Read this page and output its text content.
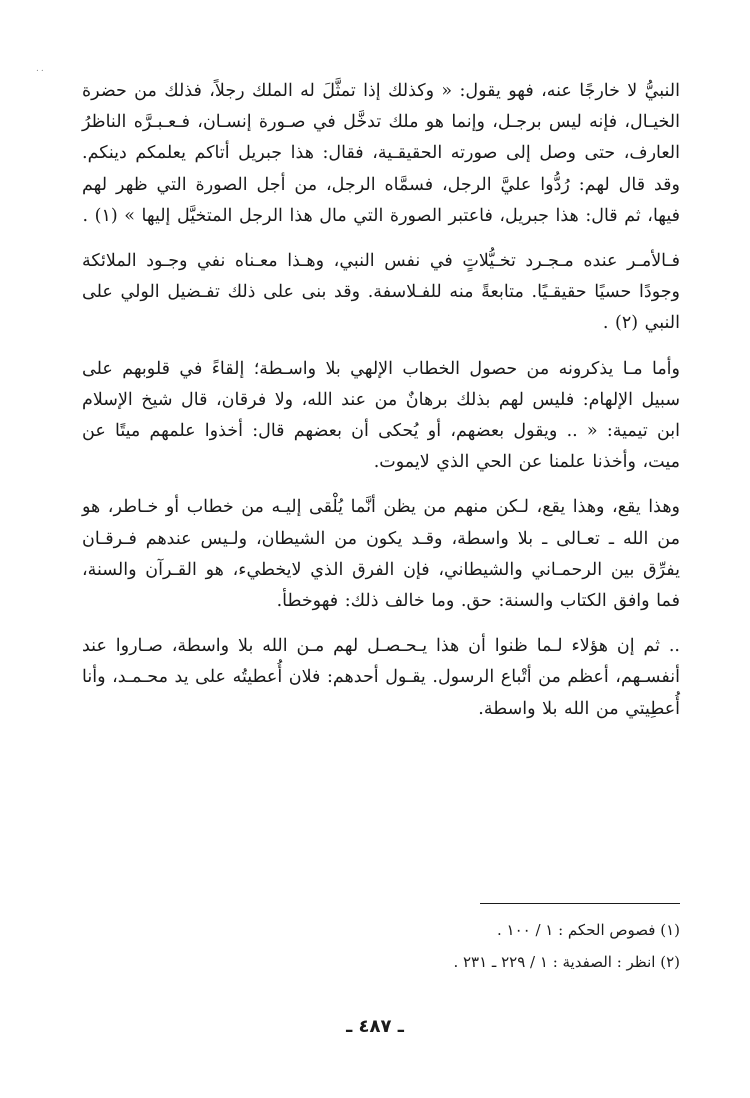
..

النبيُّ لا خارجًا عنه، فهو يقول: « وكذلك إذا تمثَّلَ له الملك رجلاً، فذلك من حضرة الخيـال، فإنه ليس برجـل، وإنما هو ملك تدخَّل في صـورة إنسـان، فـعـبـرَّه الناظرُ العارف، حتى وصل إلى صورته الحقيقـية، فقال: هذا جبريل أتاكم يعلمكم دينكم. وقد قال لهم: رُدُّوا عليَّ الرجل، فسمَّاه الرجل، من أجل الصورة التي ظهر لهم فيها، ثم قال: هذا جبريل، فاعتبر الصورة التي مال هذا الرجل المتخيَّل إليها » (١) .

فـالأمـر عنده مـجـرد تخـيُّلاتٍ في نفس النبي، وهـذا معـناه نفي وجـود الملائكة وجودًا حسيًا حقيقـيًا. متابعةً منه للفـلاسفة. وقد بنى على ذلك تفـضيل الولي على النبي (٢) .

وأما مـا يذكرونه من حصول الخطاب الإلهي بلا واسـطة؛ إلقاءً في قلوبهم على سبيل الإلهام: فليس لهم بذلك برهانٌ من عند الله، ولا فرقان، قال شيخ الإسلام ابن تيمية: « .. ويقول بعضهم، أو يُحكى أن بعضهم قال: أخذوا علمهم ميتًا عن ميت، وأخذنا علمنا عن الحي الذي لايموت.

وهذا يقع، وهذا يقع، لـكن منهم من يظن أنَّما يُلْقى إليـه من خطاب أو خـاطر، هو من الله ـ تعـالى ـ بلا واسطة، وقـد يكون من الشيطان، ولـيس عندهم فـرقـان يفرِّق بين الرحمـاني والشيطاني، فإن الفرق الذي لايخطيء، هو القـرآن والسنة، فما وافق الكتاب والسنة: حق. وما خالف ذلك: فهوخطأ.

.. ثم إن هؤلاء لـما ظنوا أن هذا يـحـصـل لهم مـن الله بلا واسطة، صـاروا عند أنفسـهم، أعظم من أتْباع الرسول. يقـول أحدهم: فلان أُعطيتُه على يد محـمـد، وأنا أُعطِيتي من الله بلا واسطة.

(١) فصوص الحكم : ١ / ١٠٠ .

(٢) انظر : الصفدية : ١ / ٢٢٩ ـ ٢٣١ .

ـ ٤٨٧ ـ
